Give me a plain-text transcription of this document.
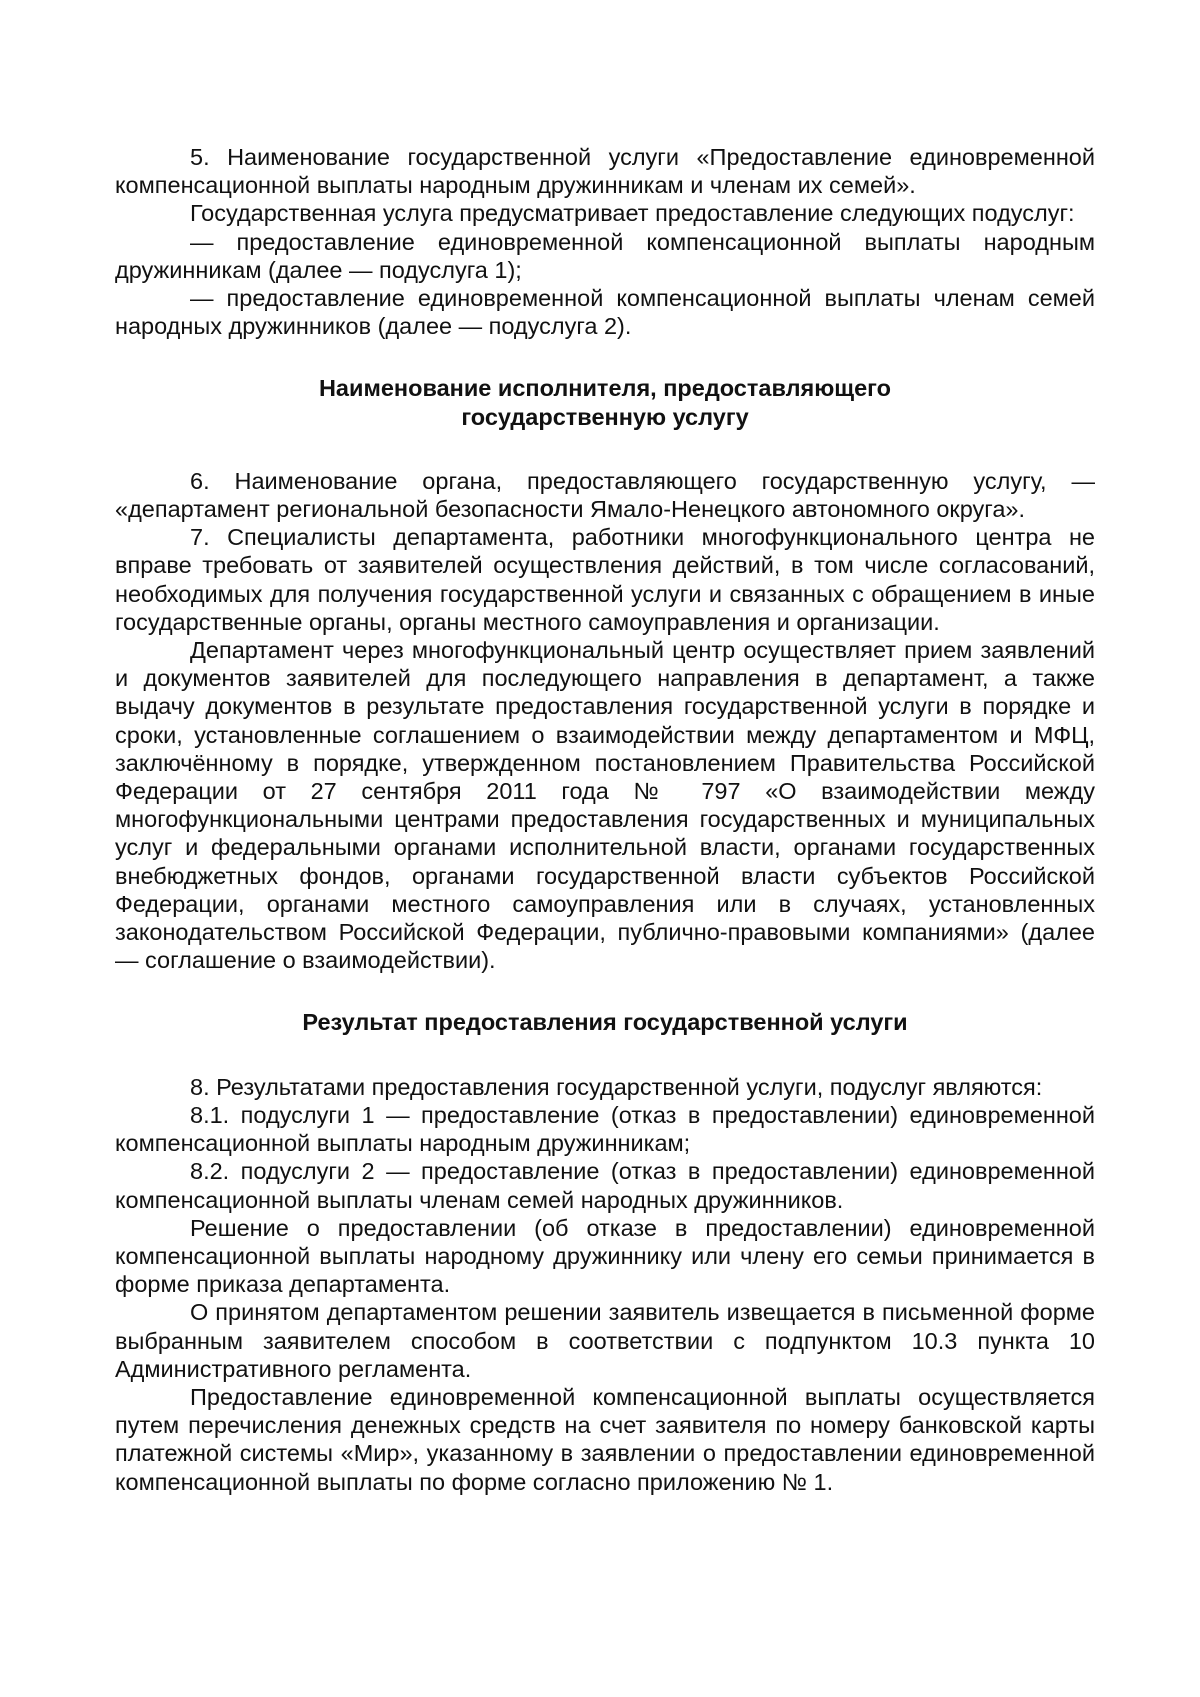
5. Наименование государственной услуги «Предоставление единовременной компенсационной выплаты народным дружинникам и членам их семей».

Государственная услуга предусматривает предоставление следующих подуслуг:

— предоставление единовременной компенсационной выплаты народным дружинникам (далее — подуслуга 1);

— предоставление единовременной компенсационной выплаты членам семей народных дружинников (далее — подуслуга 2).

Наименование исполнителя, предоставляющего
государственную услугу

6. Наименование органа, предоставляющего государственную услугу, — «департамент региональной безопасности Ямало-Ненецкого автономного округа».

7. Специалисты департамента, работники многофункционального центра не вправе требовать от заявителей осуществления действий, в том числе согласований, необходимых для получения государственной услуги и связанных с обращением в иные государственные органы, органы местного самоуправления и организации.

Департамент через многофункциональный центр осуществляет прием заявлений и документов заявителей для последующего направления в департамент, а также выдачу документов в результате предоставления государственной услуги в порядке и сроки, установленные соглашением о взаимодействии между департаментом и МФЦ, заключённому в порядке, утвержденном постановлением Правительства Российской Федерации от 27 сентября 2011 года № 797 «О взаимодействии между многофункциональными центрами предоставления государственных и муниципальных услуг и федеральными органами исполнительной власти, органами государственных внебюджетных фондов, органами государственной власти субъектов Российской Федерации, органами местного самоуправления или в случаях, установленных законодательством Российской Федерации, публично-правовыми компаниями» (далее — соглашение о взаимодействии).

Результат предоставления государственной услуги

8. Результатами предоставления государственной услуги, подуслуг являются:

8.1. подуслуги 1 — предоставление (отказ в предоставлении) единовременной компенсационной выплаты народным дружинникам;

8.2. подуслуги 2 — предоставление (отказ в предоставлении) единовременной компенсационной выплаты членам семей народных дружинников.

Решение о предоставлении (об отказе в предоставлении) единовременной компенсационной выплаты народному дружиннику или члену его семьи принимается в форме приказа департамента.

О принятом департаментом решении заявитель извещается в письменной форме выбранным заявителем способом в соответствии с подпунктом 10.3 пункта 10 Административного регламента.

Предоставление единовременной компенсационной выплаты осуществляется путем перечисления денежных средств на счет заявителя по номеру банковской карты платежной системы «Мир», указанному в заявлении о предоставлении единовременной компенсационной выплаты по форме согласно приложению № 1.
